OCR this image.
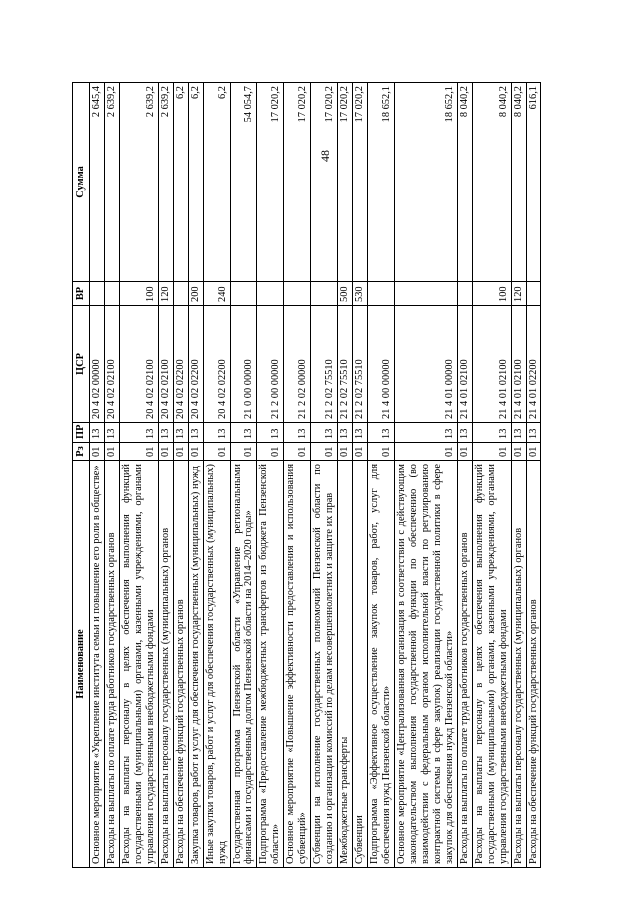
48
Наименование	Рз	ПР	ЦСР	ВР	Сумма
Основное мероприятие «Укрепление института семьи и повышение его роли в обществе»	01	13	20 4 02 00000		2 645,4
Расходы на выплаты по оплате труда работников государственных органов	01	13	20 4 02 02100		2 639,2
Расходы на выплаты персоналу в целях обеспечения выполнения функций государственными (муниципальными) органами, казенными учреждениями, органами управления государственными внебюджетными фондами	01	13	20 4 02 02100	100	2 639,2
Расходы на выплаты персоналу государственных (муниципальных) органов	01	13	20 4 02 02100	120	2 639,2
Расходы на обеспечение функций государственных органов	01	13	20 4 02 02200		6,2
Закупка товаров, работ и услуг для обеспечения государственных (муниципальных) нужд	01	13	20 4 02 02200	200	6,2
Иные закупки товаров, работ и услуг для обеспечения государственных (муниципальных) нужд	01	13	20 4 02 02200	240	6,2
Государственная программа Пензенской области «Управление региональными финансами и государственным долгом Пензенской области на 2014–2020 годы»	01	13	21 0 00 00000		54 054,7
Подпрограмма «Предоставление межбюджетных трансфертов из бюджета Пензенской области»	01	13	21 2 00 00000		17 020,2
Основное мероприятие «Повышение эффективности предоставления и использования субвенций»	01	13	21 2 02 00000		17 020,2
Субвенции на исполнение государственных полномочий Пензенской области по созданию и организации комиссий по делам несовершеннолетних и защите их прав	01	13	21 2 02 75510		17 020,2
Межбюджетные трансферты	01	13	21 2 02 75510	500	17 020,2
Субвенции	01	13	21 2 02 75510	530	17 020,2
Подпрограмма «Эффективное осуществление закупок товаров, работ, услуг для обеспечения нужд Пензенской области»	01	13	21 4 00 00000		18 652,1
Основное мероприятие «Централизованная организация в соответствии с действующим законодательством выполнения государственной функции по обеспечению (во взаимодействии с федеральным органом исполнительной власти по регулированию контрактной системы в сфере закупок) реализации государственной политики в сфере закупок для обеспечения нужд Пензенской области»	01	13	21 4 01 00000		18 652,1
Расходы на выплаты по оплате труда работников государственных органов	01	13	21 4 01 02100		8 040,2
Расходы на выплаты персоналу в целях обеспечения выполнения функций государственными (муниципальными) органами, казенными учреждениями, органами управления государственными внебюджетными фондами	01	13	21 4 01 02100	100	8 040,2
Расходы на выплаты персоналу государственных (муниципальных) органов	01	13	21 4 01 02100	120	8 040,2
Расходы на обеспечение функций государственных органов	01	13	21 4 01 02200		616,1
